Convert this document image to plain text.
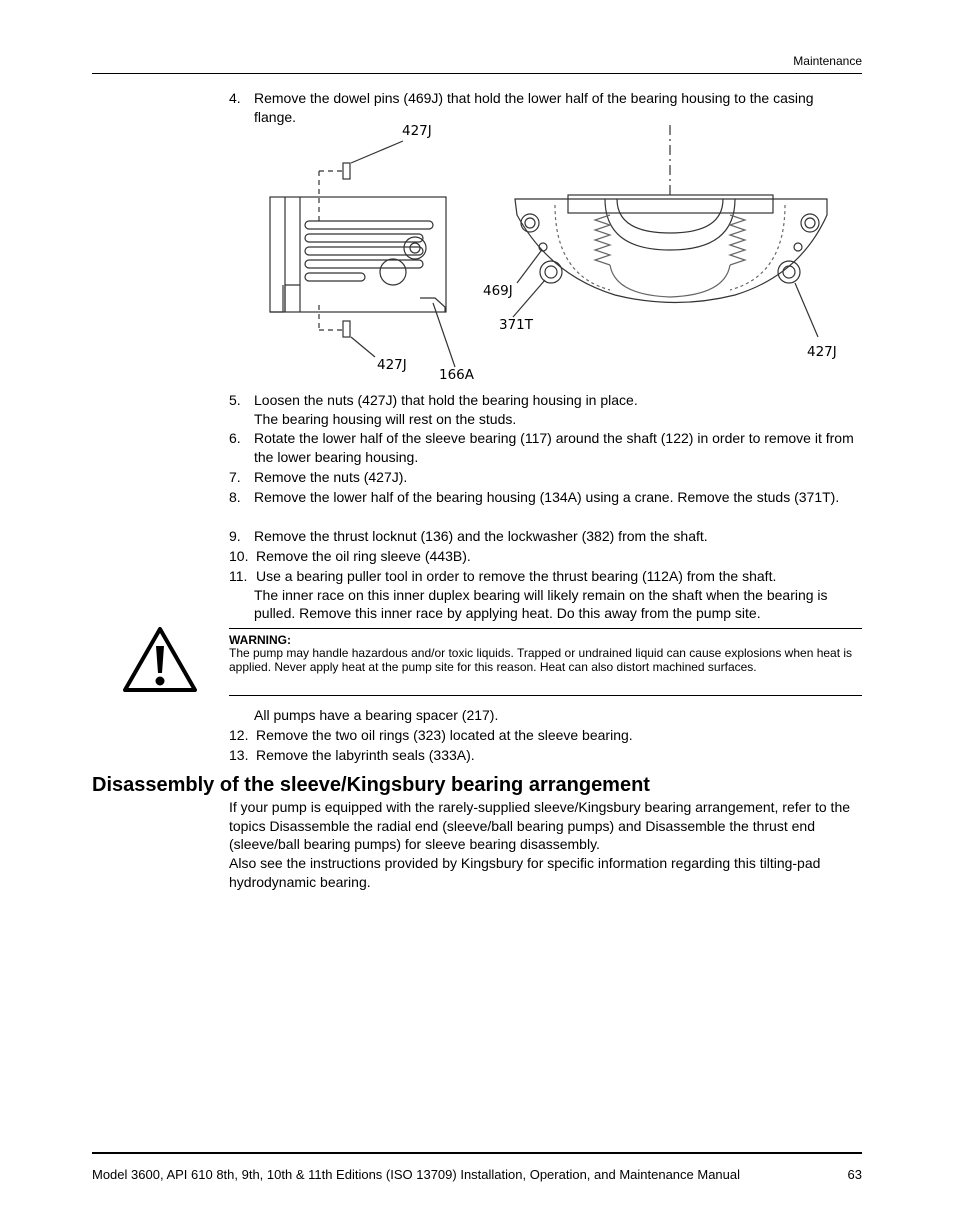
Maintenance
4. Remove the dowel pins (469J) that hold the lower half of the bearing housing to the casing flange.
427J
427J
166A
469J
371T
427J
5. Loosen the nuts (427J) that hold the bearing housing in place.
The bearing housing will rest on the studs.
6. Rotate the lower half of the sleeve bearing (117) around the shaft (122) in order to remove it from the lower bearing housing.
7. Remove the nuts (427J).
8. Remove the lower half of the bearing housing (134A) using a crane. Remove the studs (371T).
9. Remove the thrust locknut (136) and the lockwasher (382) from the shaft.
10. Remove the oil ring sleeve (443B).
11. Use a bearing puller tool in order to remove the thrust bearing (112A) from the shaft.
The inner race on this inner duplex bearing will likely remain on the shaft when the bearing is pulled. Remove this inner race by applying heat. Do this away from the pump site.
WARNING:
The pump may handle hazardous and/or toxic liquids. Trapped or undrained liquid can cause explosions when heat is applied. Never apply heat at the pump site for this reason. Heat can also distort machined surfaces.
All pumps have a bearing spacer (217).
12. Remove the two oil rings (323) located at the sleeve bearing.
13. Remove the labyrinth seals (333A).
Disassembly of the sleeve/Kingsbury bearing arrangement
If your pump is equipped with the rarely-supplied sleeve/Kingsbury bearing arrangement, refer to the topics Disassemble the radial end (sleeve/ball bearing pumps) and Disassemble the thrust end (sleeve/ball bearing pumps) for sleeve bearing disassembly.
Also see the instructions provided by Kingsbury for specific information regarding this tilting-pad hydrodynamic bearing.
Model 3600, API 610 8th, 9th, 10th & 11th Editions (ISO 13709) Installation, Operation, and Maintenance Manual	63
